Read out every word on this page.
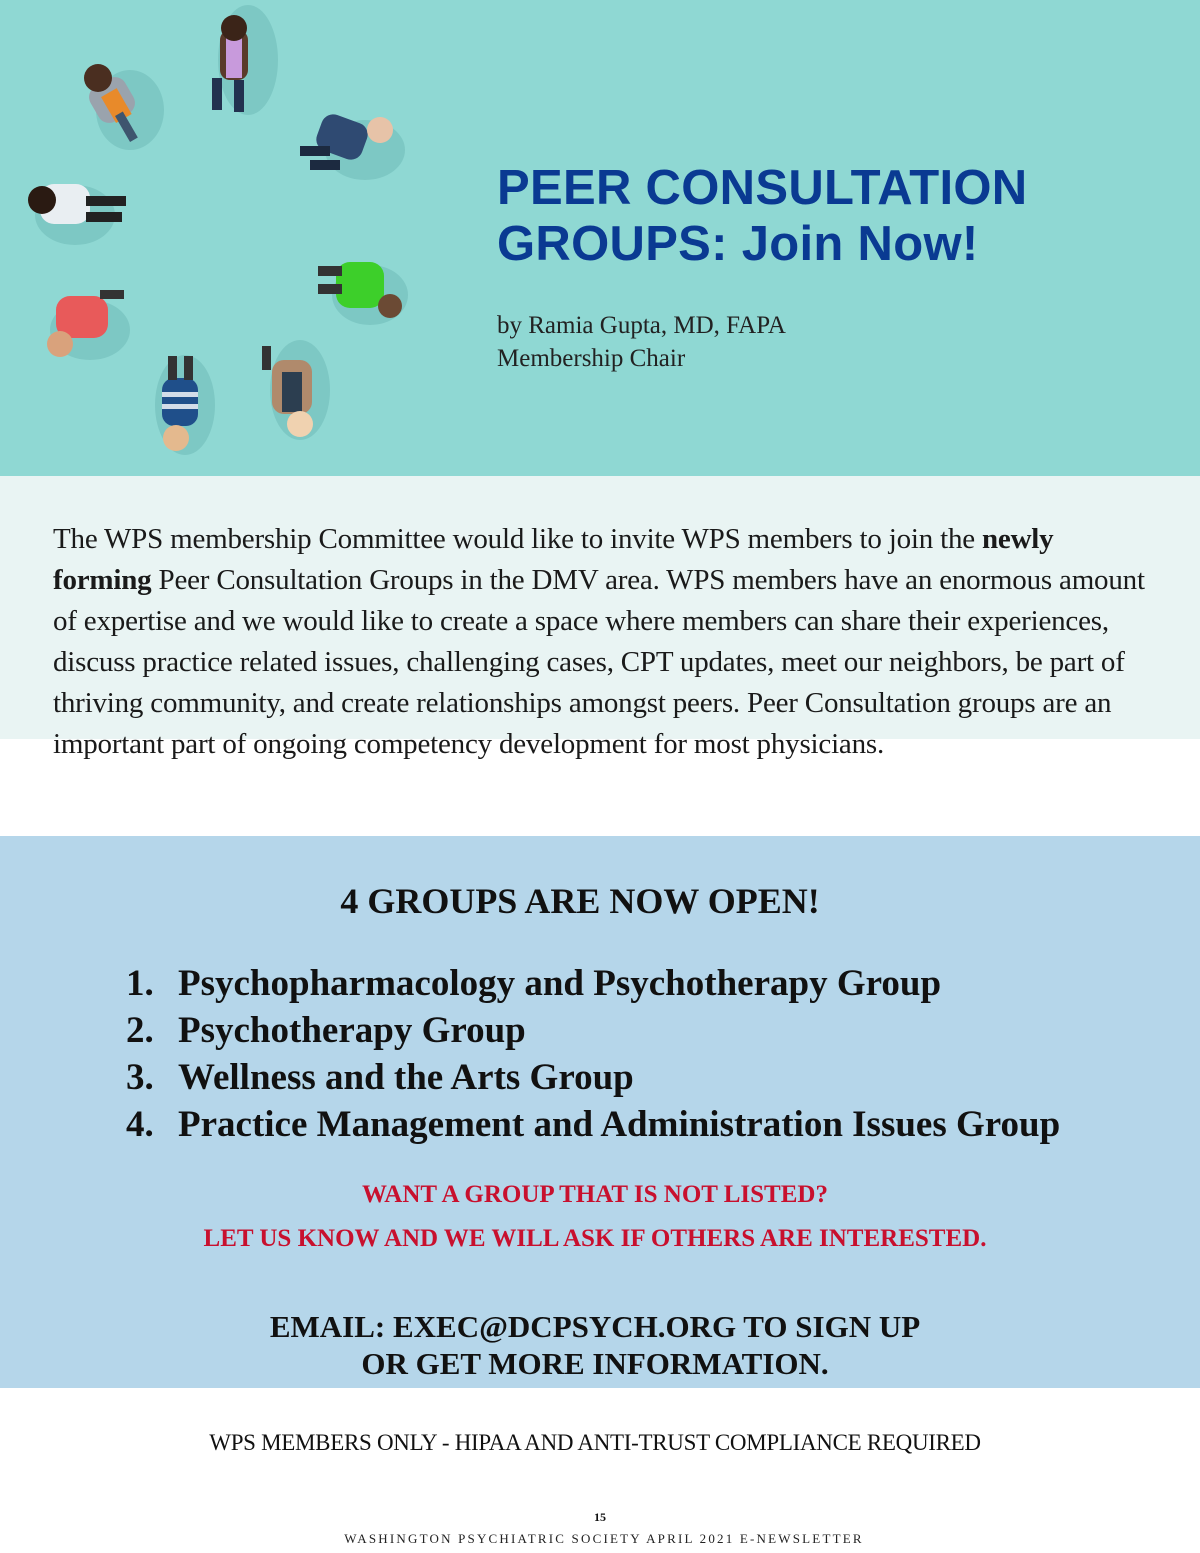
PEER CONSULTATION
GROUPS: Join Now!
by Ramia Gupta, MD, FAPA
Membership Chair

The WPS membership Committee would like to invite WPS members to join the newly forming Peer Consultation Groups in the DMV area. WPS members have an enormous amount of expertise and we would like to create a space where members can share their experiences, discuss practice related issues, challenging cases, CPT updates, meet our neighbors, be part of thriving community, and create relationships amongst peers. Peer Consultation groups are an important part of ongoing competency development for most physicians.

4 GROUPS ARE NOW OPEN!
1. Psychopharmacology and Psychotherapy Group
2. Psychotherapy Group
3. Wellness and the Arts Group
4. Practice Management and Administration Issues Group

WANT A GROUP THAT IS NOT LISTED?

LET US KNOW AND WE WILL ASK IF OTHERS ARE INTERESTED.

EMAIL: EXEC@DCPSYCH.ORG TO SIGN UP
OR GET MORE INFORMATION.
WPS MEMBERS ONLY - HIPAA AND ANTI-TRUST COMPLIANCE REQUIRED
15
WASHINGTON PSYCHIATRIC SOCIETY APRIL 2021 E-NEWSLETTER
